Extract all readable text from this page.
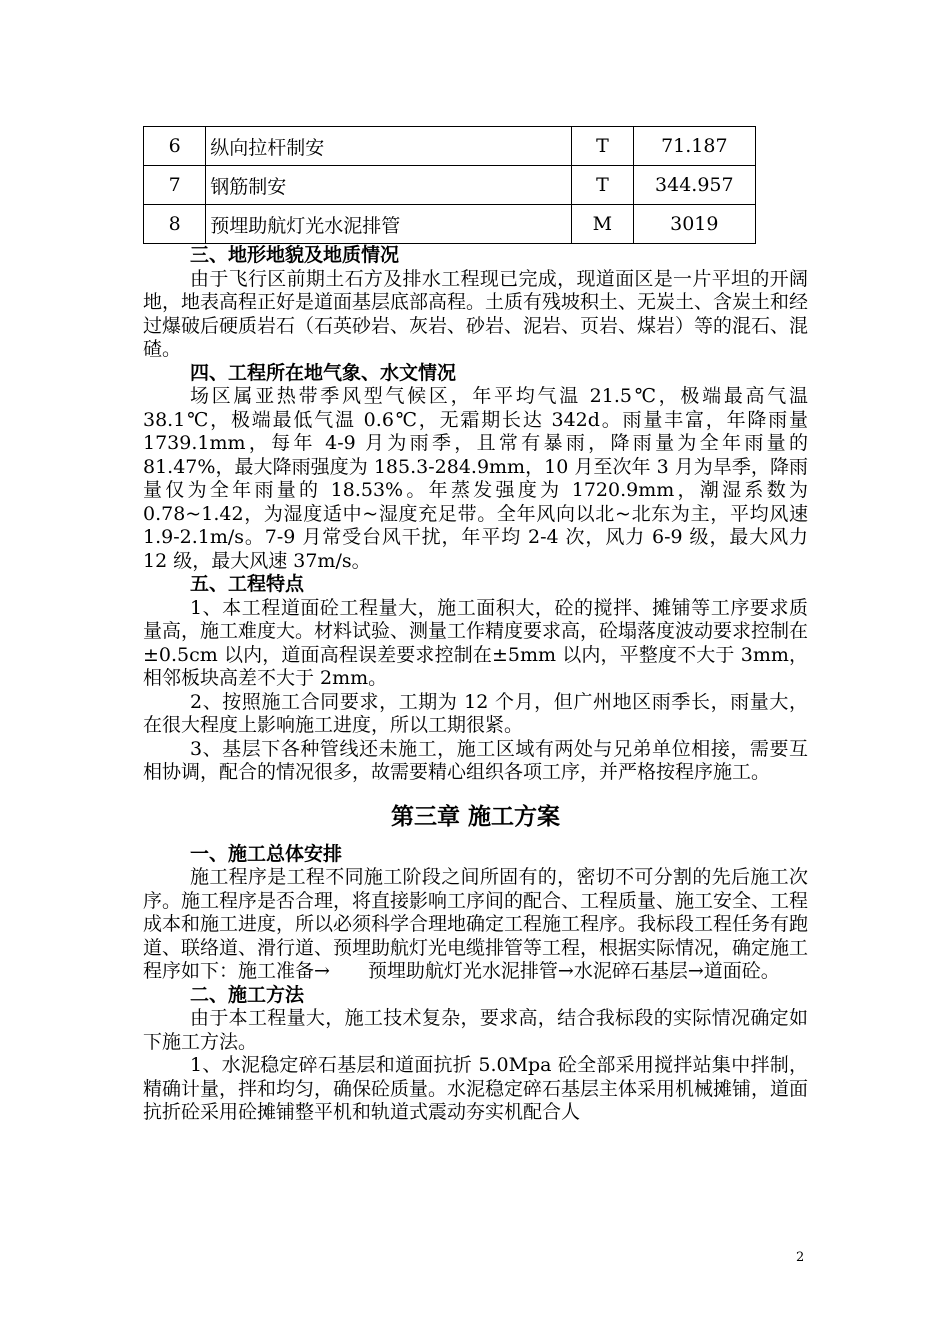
6	纵向拉杆制安	T	71.187
7	钢筋制安	T	344.957
8	预埋助航灯光水泥排管	M	3019
三、地形地貌及地质情况
由于飞行区前期土石方及排水工程现已完成，现道面区是一片平坦的开阔地，地表高程正好是道面基层底部高程。土质有残坡积土、无炭土、含炭土和经过爆破后硬质岩石（石英砂岩、灰岩、砂岩、泥岩、页岩、煤岩）等的混石、混碴。
四、工程所在地气象、水文情况
场区属亚热带季风型气候区，年平均气温 21.5℃，极端最高气温 38.1℃，极端最低气温 0.6℃，无霜期长达 342d。雨量丰富，年降雨量 1739.1mm，每年 4-9 月为雨季，且常有暴雨，降雨量为全年雨量的 81.47%，最大降雨强度为 185.3-284.9mm，10 月至次年 3 月为旱季，降雨量仅为全年雨量的 18.53%。年蒸发强度为 1720.9mm，潮湿系数为 0.78~1.42，为湿度适中~湿度充足带。全年风向以北~北东为主，平均风速 1.9-2.1m/s。7-9 月常受台风干扰，年平均 2-4 次，风力 6-9 级，最大风力 12 级，最大风速 37m/s。
五、工程特点
1、本工程道面砼工程量大，施工面积大，砼的搅拌、摊铺等工序要求质量高，施工难度大。材料试验、测量工作精度要求高，砼塌落度波动要求控制在±0.5cm 以内，道面高程误差要求控制在±5mm 以内，平整度不大于 3mm，相邻板块高差不大于 2mm。
2、按照施工合同要求，工期为 12 个月，但广州地区雨季长，雨量大，在很大程度上影响施工进度，所以工期很紧。
3、基层下各种管线还未施工，施工区域有两处与兄弟单位相接，需要互相协调，配合的情况很多，故需要精心组织各项工序，并严格按程序施工。
第三章 施工方案
一、施工总体安排
施工程序是工程不同施工阶段之间所固有的，密切不可分割的先后施工次序。施工程序是否合理，将直接影响工序间的配合、工程质量、施工安全、工程成本和施工进度，所以必须科学合理地确定工程施工程序。我标段工程任务有跑道、联络道、滑行道、预埋助航灯光电缆排管等工程，根据实际情况，确定施工程序如下：施工准备→　　预埋助航灯光水泥排管→水泥碎石基层→道面砼。
二、施工方法
由于本工程量大，施工技术复杂，要求高，结合我标段的实际情况确定如下施工方法。
1、水泥稳定碎石基层和道面抗折 5.0Mpa 砼全部采用搅拌站集中拌制，精确计量，拌和均匀，确保砼质量。水泥稳定碎石基层主体采用机械摊铺，道面抗折砼采用砼摊铺整平机和轨道式震动夯实机配合人
2
